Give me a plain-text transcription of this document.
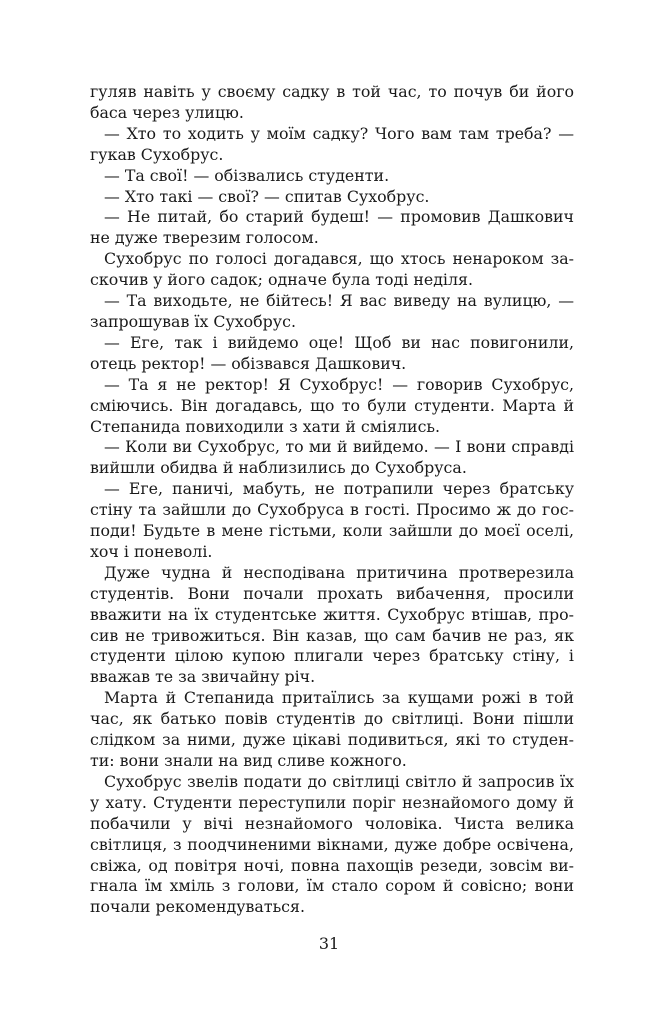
гуляв навіть у своєму садку в той час, то почув би його баса через улицю.

— Хто то ходить у моїм садку? Чого вам там треба? — гукав Сухобрус.

— Та свої! — обізвались студенти.

— Хто такі — свої? — спитав Сухобрус.

— Не питай, бо старий будеш! — промовив Дашкович не дуже тверезим голосом.

Сухобрус по голосі догадався, що хтось ненароком заскочив у його садок; одначе була тоді неділя.

— Та виходьте, не бійтесь! Я вас виведу на вулицю, — запрошував їх Сухобрус.

— Еге, так і вийдемо оце! Щоб ви нас повигонили, отець ректор! — обізвався Дашкович.

— Та я не ректор! Я Сухобрус! — говорив Сухобрус, сміючись. Він догадавсь, що то були студенти. Марта й Степанида повиходили з хати й сміялись.

— Коли ви Сухобрус, то ми й вийдемо. — І вони справді вийшли обидва й наблизились до Сухобруса.

— Еге, паничі, мабуть, не потрапили через братську стіну та зайшли до Сухобруса в гості. Просимо ж до господи! Будьте в мене гістьми, коли зайшли до моєї оселі, хоч і поневолі.

Дуже чудна й несподівана притичина протверезила студентів. Вони почали прохать вибачення, просили вважити на їх студентське життя. Сухобрус втішав, просив не тривожиться. Він казав, що сам бачив не раз, як студенти цілою купою плигали через братську стіну, і вважав те за звичайну річ.

Марта й Степанида притаїлись за кущами рожі в той час, як батько повів студентів до світлиці. Вони пішли слідком за ними, дуже цікаві подивиться, які то студенти: вони знали на вид сливе кожного.

Сухобрус звелів подати до світлиці світло й запросив їх у хату. Студенти переступили поріг незнайомого дому й побачили у вічі незнайомого чоловіка. Чиста велика світлиця, з поодчиненими вікнами, дуже добре освічена, свіжа, од повітря ночі, повна пахощів резеди, зовсім вигнала їм хміль з голови, їм стало сором й совісно; вони почали рекомендуваться.

31
